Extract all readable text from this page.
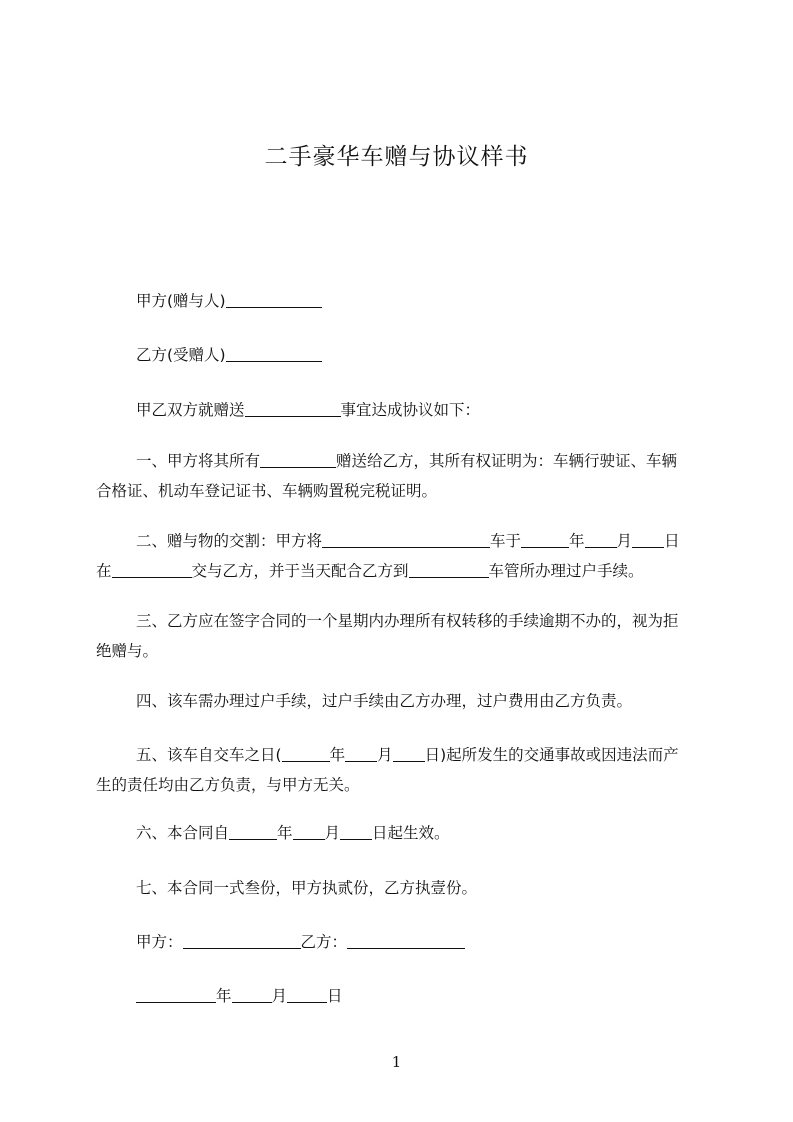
二手豪华车赠与协议样书
甲方(赠与人)
乙方(受赠人)
甲乙双方就赠送	事宜达成协议如下：
一、甲方将其所有	赠送给乙方，其所有权证明为：车辆行驶证、车辆
合格证、机动车登记证书、车辆购置税完税证明。
二、赠与物的交割：甲方将	车于	年 月 日
在	交与乙方，并于当天配合乙方到	车管所办理过户手续。
三、乙方应在签字合同的一个星期内办理所有权转移的手续逾期不办的，视为拒
绝赠与。
四、该车需办理过户手续，过户手续由乙方办理，过户费用由乙方负责。
五、该车自交车之日(	年 月 日)起所发生的交通事故或因违法而产
生的责任均由乙方负责，与甲方无关。
六、本合同自	年 月 日起生效。
七、本合同一式叁份，甲方执贰份，乙方执壹份。
甲方：	乙方：
年	月	日
1
